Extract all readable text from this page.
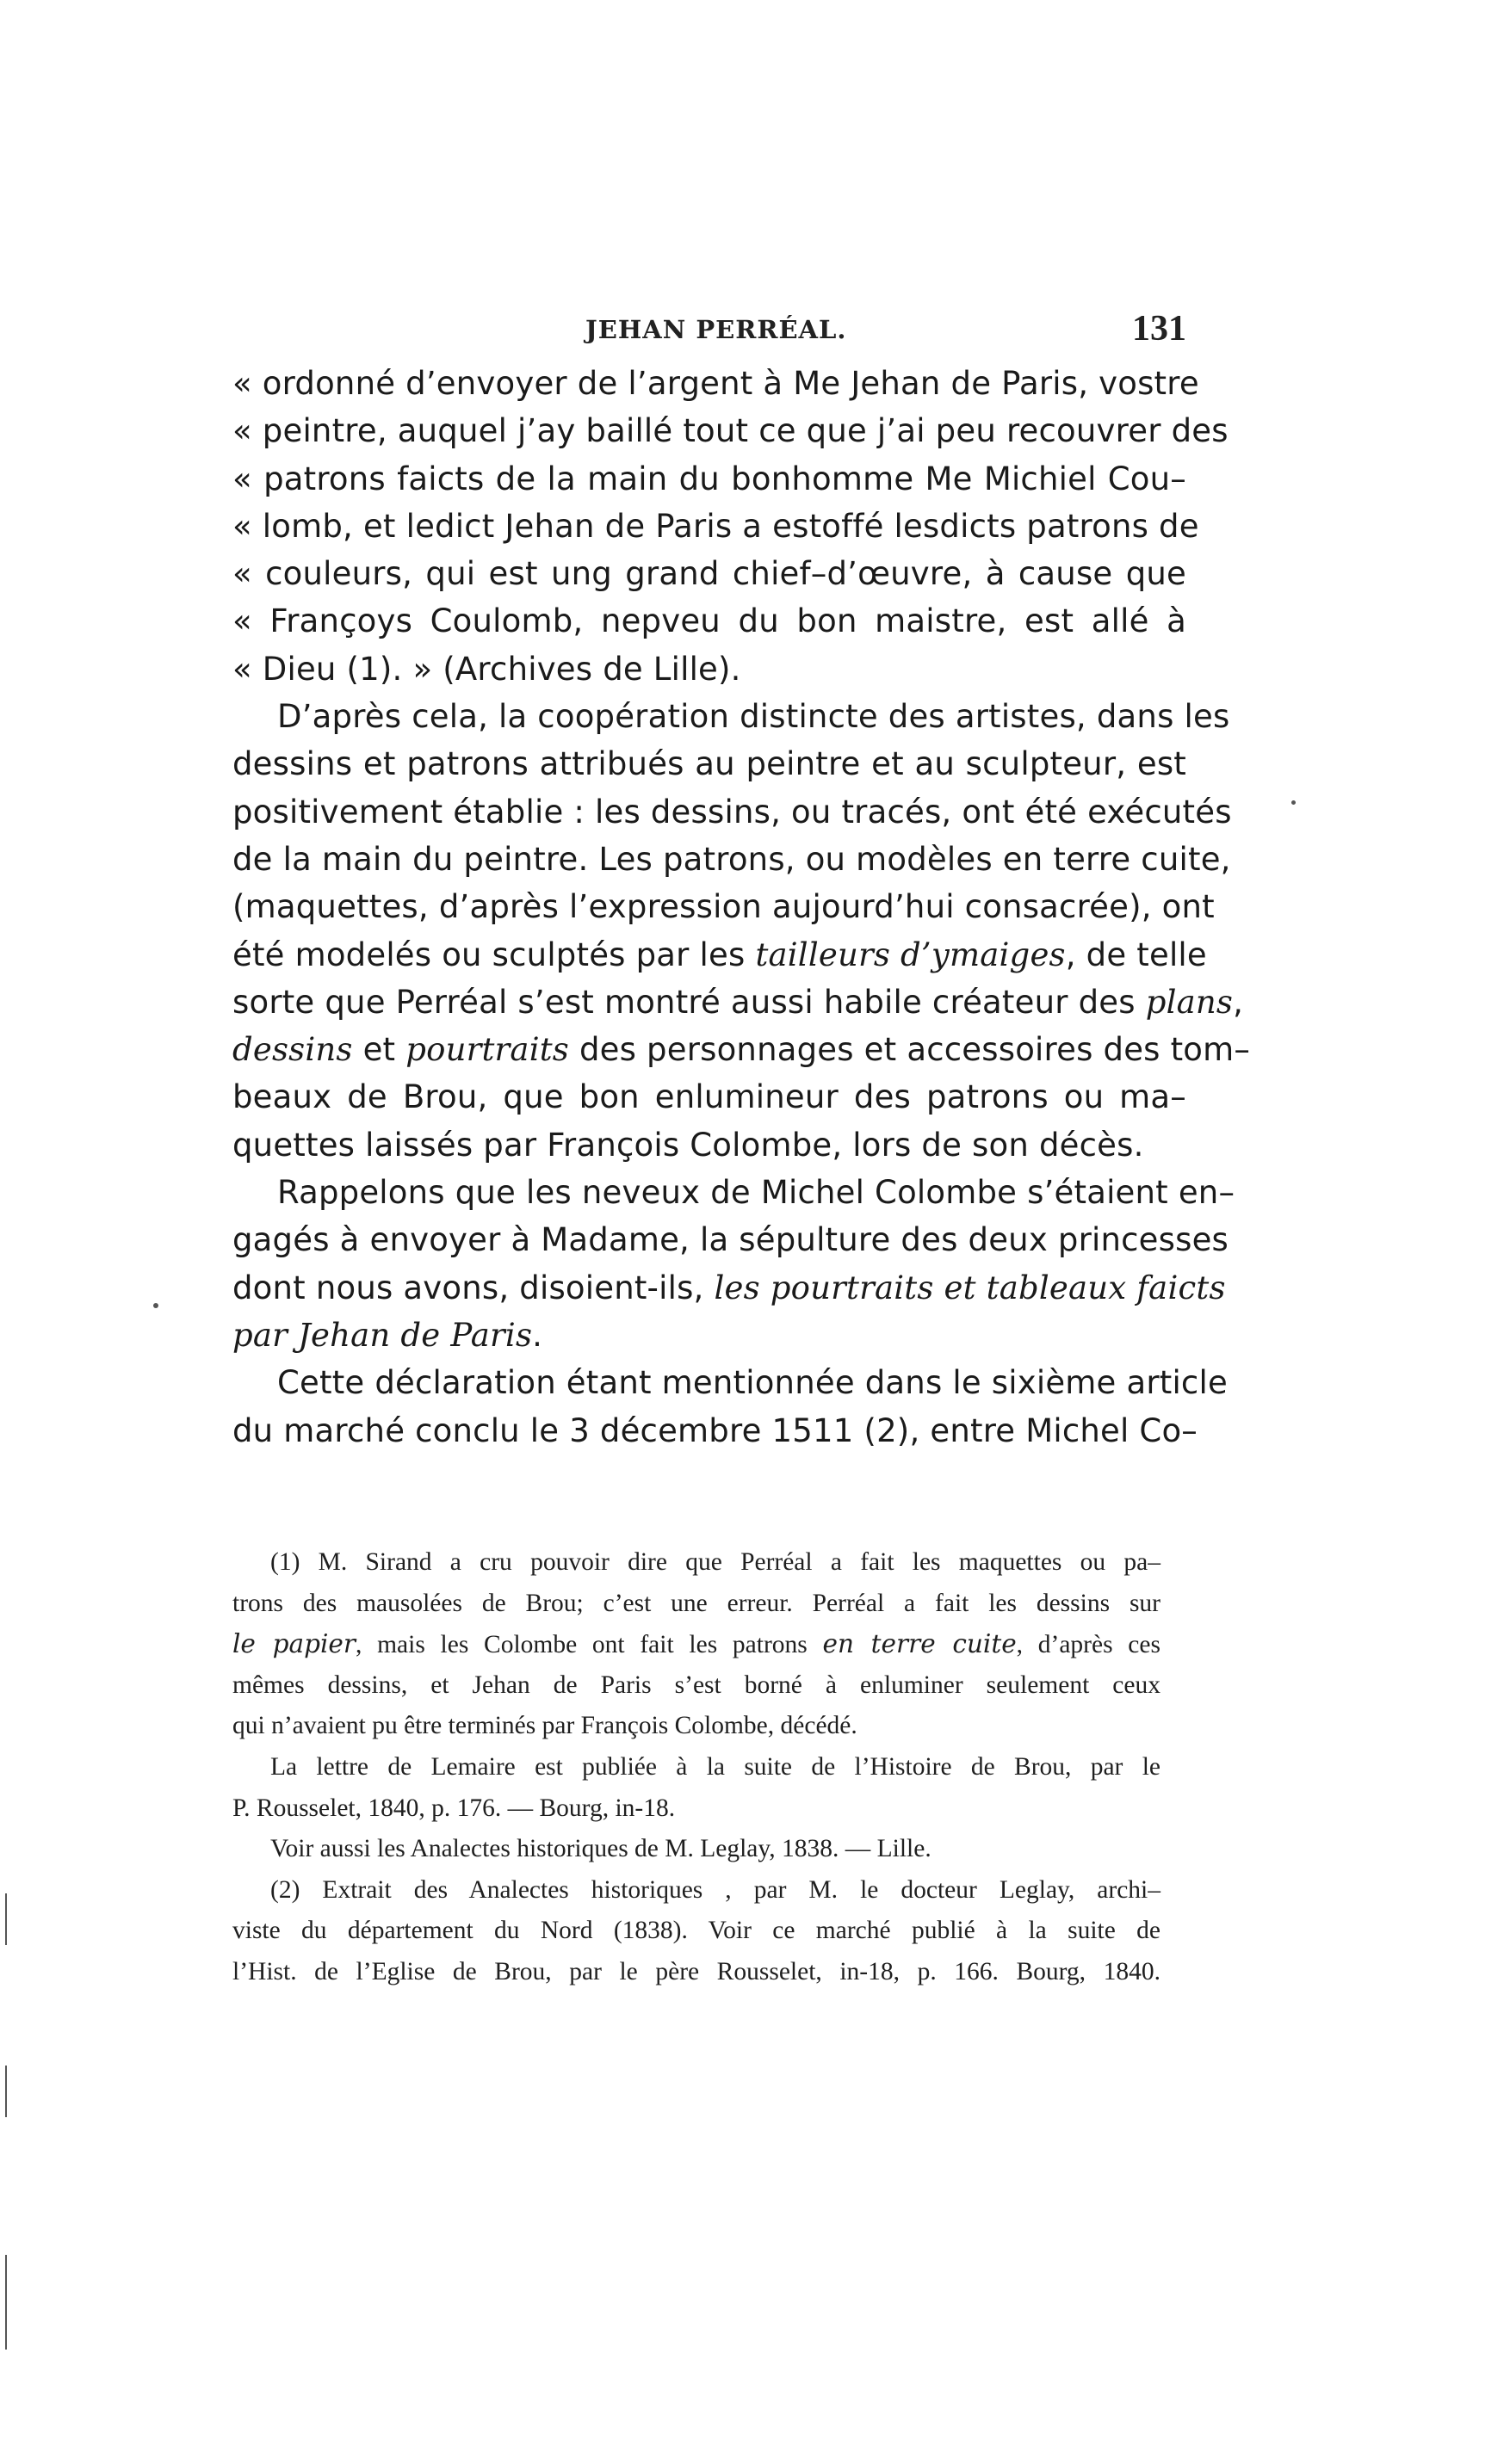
JEHAN PERRÉAL.	131
« ordonné d’envoyer de l’argent à Me Jehan de Paris, vostre
« peintre, auquel j’ay baillé tout ce que j’ai peu recouvrer des
« patrons faicts de la main du bonhomme Me Michiel Cou–
« lomb, et ledict Jehan de Paris a estoffé lesdicts patrons de
« couleurs, qui est ung grand chief–d’œuvre, à cause que
« Françoys Coulomb, nepveu du bon maistre, est allé à
« Dieu (1). » (Archives de Lille).
D’après cela, la coopération distincte des artistes, dans les
dessins et patrons attribués au peintre et au sculpteur, est
positivement établie : les dessins, ou tracés, ont été exécutés
de la main du peintre. Les patrons, ou modèles en terre cuite,
(maquettes, d’après l’expression aujourd’hui consacrée), ont
été modelés ou sculptés par les tailleurs d’ymaiges, de telle
sorte que Perréal s’est montré aussi habile créateur des plans,
dessins et pourtraits des personnages et accessoires des tom–
beaux de Brou, que bon enlumineur des patrons ou ma–
quettes laissés par François Colombe, lors de son décès.
Rappelons que les neveux de Michel Colombe s’étaient en–
gagés à envoyer à Madame, la sépulture des deux princesses
dont nous avons, disoient-ils, les pourtraits et tableaux faicts
par Jehan de Paris.
Cette déclaration étant mentionnée dans le sixième article
du marché conclu le 3 décembre 1511 (2), entre Michel Co–
(1) M. Sirand a cru pouvoir dire que Perréal a fait les maquettes ou pa–
trons des mausolées de Brou; c’est une erreur. Perréal a fait les dessins sur
le papier, mais les Colombe ont fait les patrons en terre cuite, d’après ces
mêmes dessins, et Jehan de Paris s’est borné à enluminer seulement ceux
qui n’avaient pu être terminés par François Colombe, décédé.
La lettre de Lemaire est publiée à la suite de l’Histoire de Brou, par le
P. Rousselet, 1840, p. 176. — Bourg, in-18.
Voir aussi les Analectes historiques de M. Leglay, 1838. — Lille.
(2) Extrait des Analectes historiques , par M. le docteur Leglay, archi–
viste du département du Nord (1838). Voir ce marché publié à la suite de
l’Hist. de l’Eglise de Brou, par le père Rousselet, in-18, p. 166. Bourg, 1840.
